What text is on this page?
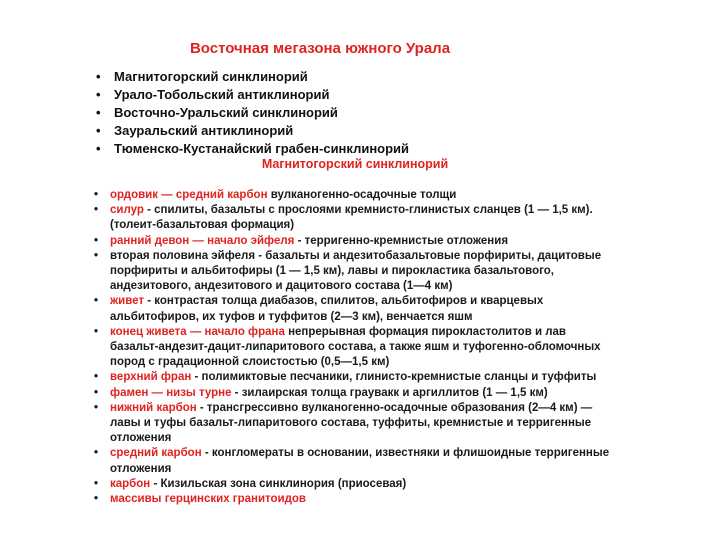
Восточная мегазона южного Урала
• Магнитогорский синклинорий
• Урало-Тобольский антиклинорий
• Восточно-Уральский синклинорий
• Зауральский антиклинорий
• Тюменско-Кустанайский грабен-синклинорий
Магнитогорский синклинорий
• ордовик — средний карбон вулканогенно-осадочные толщи
• силур - спилиты, базальты с прослоями кремнисто-глинистых сланцев (1 — 1,5 км). (толеит-базальтовая формация)
• ранний девон — начало эйфеля - терригенно-кремнистые отложения
• вторая половина эйфеля - базальты и андезитобазальтовые порфириты, дацитовые порфириты и альбитофиры (1 — 1,5 км), лавы и пирокластика базальтового, андезитового, андезитового и дацитового состава (1—4 км)
• живет - контрастая толща диабазов, спилитов, альбитофиров и кварцевых альбитофиров, их туфов и туффитов (2—3 км), венчается яшм
• конец живета — начало франа непрерывная формация пирокластолитов и лав базальт-андезит-дацит-липаритового состава, а также яшм и туфогенно-обломочных пород с градационной слоистостью (0,5—1,5 км)
• верхний фран - полимиктовые песчаники, глинисто-кремнистые сланцы и туффиты
• фамен — низы турне - зилаирская толща граувакк и аргиллитов (1 — 1,5 км)
• нижний карбон - трансгрессивно вулканогенно-осадочные образования (2—4 км) — лавы и туфы базальт-липаритового состава, туффиты, кремнистые и терригенные отложения
• средний карбон - конгломераты в основании, известняки и флишоидные терригенные отложения
• карбон - Кизильская зона синклинория (приосевая)
• массивы герцинских гранитоидов
